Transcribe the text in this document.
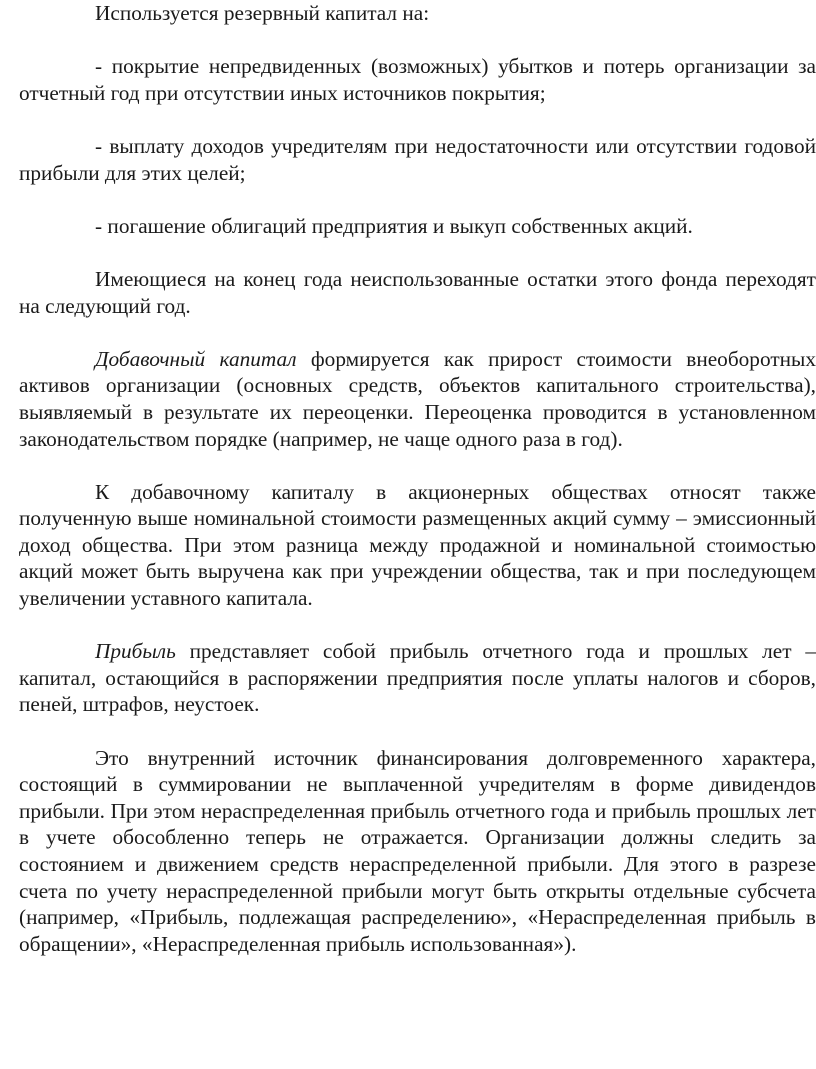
Используется резервный капитал на:

- покрытие непредвиденных (возможных) убытков и потерь организации за отчетный год при отсутствии иных источников покрытия;

- выплату доходов учредителям при недостаточности или отсутствии годовой прибыли для этих целей;

- погашение облигаций предприятия и выкуп собственных акций.

Имеющиеся на конец года неиспользованные остатки этого фонда переходят на следующий год.

Добавочный капитал формируется как прирост стоимости внеоборотных активов организации (основных средств, объектов капитального строительства), выявляемый в результате их переоценки. Переоценка проводится в установленном законодательством порядке (например, не чаще одного раза в год).

К добавочному капиталу в акционерных обществах относят также полученную выше номинальной стоимости размещенных акций сумму – эмиссионный доход общества. При этом разница между продажной и номинальной стоимостью акций может быть выручена как при учреждении общества, так и при последующем увеличении уставного капитала.

Прибыль представляет собой прибыль отчетного года и прошлых лет – капитал, остающийся в распоряжении предприятия после уплаты налогов и сборов, пеней, штрафов, неустоек.

Это внутренний источник финансирования долговременного характера, состоящий в суммировании не выплаченной учредителям в форме дивидендов прибыли. При этом нераспределенная прибыль отчетного года и прибыль прошлых лет в учете обособленно теперь не отражается. Организации должны следить за состоянием и движением средств нераспределенной прибыли. Для этого в разрезе счета по учету нераспределенной прибыли могут быть открыты отдельные субсчета (например, «Прибыль, подлежащая распределению», «Нераспределенная прибыль в обращении», «Нераспределенная прибыль использованная»).
